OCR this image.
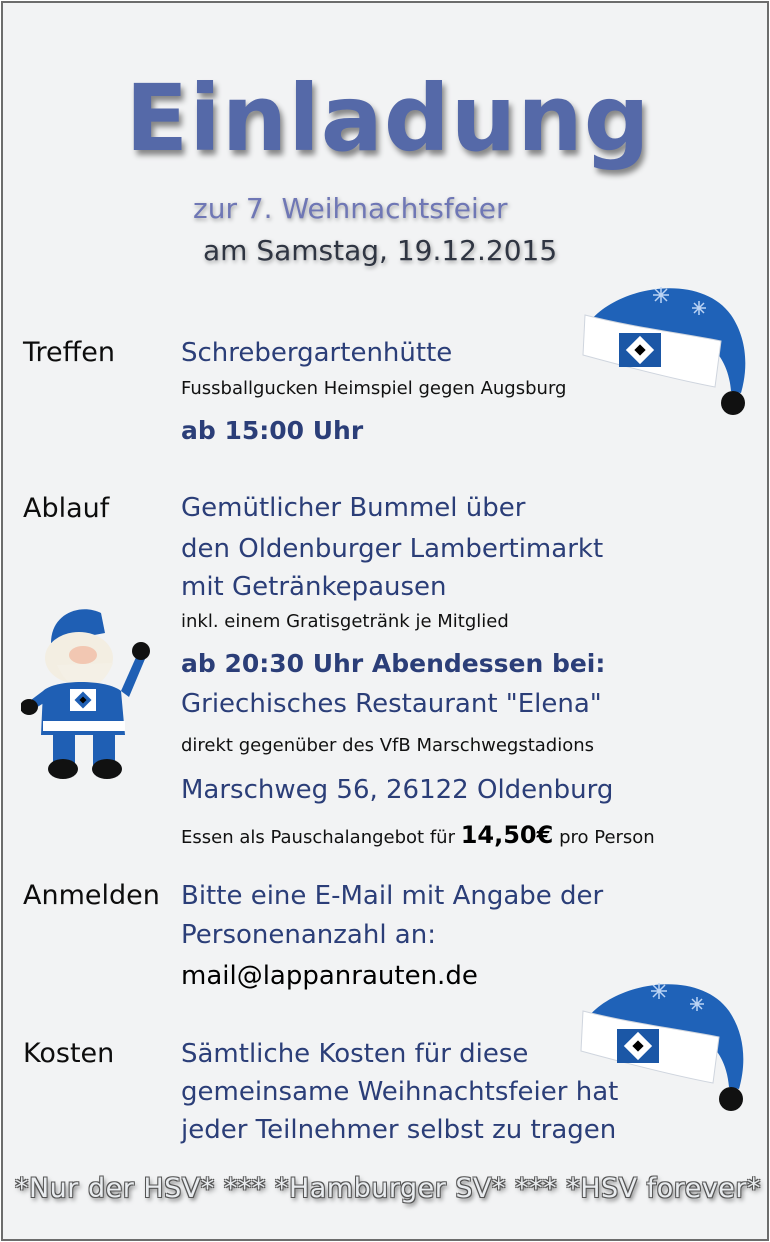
Einladung
zur 7. Weihnachtsfeier
am Samstag, 19.12.2015
Treffen	Schrebergartenhütte
Fussballgucken Heimspiel gegen Augsburg
ab 15:00 Uhr
Ablauf	Gemütlicher Bummel über
den Oldenburger Lambertimarkt
mit Getränkepausen
inkl. einem Gratisgetränk je Mitglied
ab 20:30 Uhr Abendessen bei:
Griechisches Restaurant "Elena"
direkt gegenüber des VfB Marschwegstadions
Marschweg 56, 26122 Oldenburg
Essen als Pauschalangebot für 14,50€ pro Person
Anmelden Bitte eine E-Mail mit Angabe der
Personenanzahl an:
mail@lappanrauten.de
Kosten	Sämtliche Kosten für diese
gemeinsame Weihnachtsfeier hat
jeder Teilnehmer selbst zu tragen
*Nur der HSV* *** *Hamburger SV* *** *HSV forever*
